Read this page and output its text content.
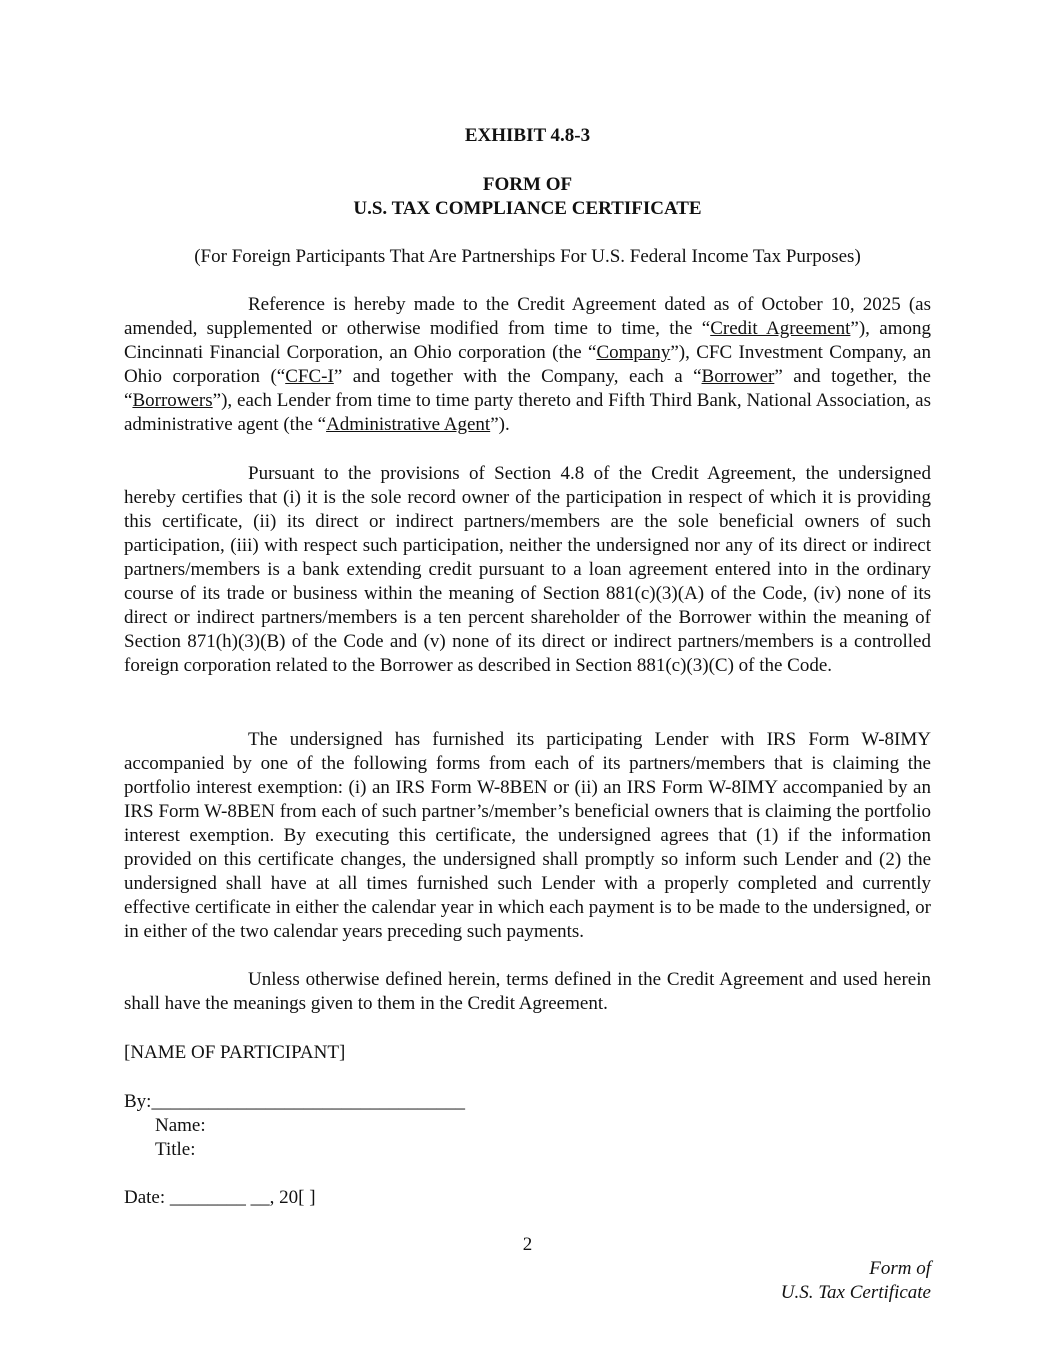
EXHIBIT 4.8-3
FORM OF
U.S. TAX COMPLIANCE CERTIFICATE
(For Foreign Participants That Are Partnerships For U.S. Federal Income Tax Purposes)

Reference is hereby made to the Credit Agreement dated as of October 10, 2025 (as amended, supplemented or otherwise modified from time to time, the “Credit Agreement”), among Cincinnati Financial Corporation, an Ohio corporation (the “Company”), CFC Investment Company, an Ohio corporation (“CFC-I” and together with the Company, each a “Borrower” and together, the “Borrowers”), each Lender from time to time party thereto and Fifth Third Bank, National Association, as administrative agent (the “Administrative Agent”).

Pursuant to the provisions of Section 4.8 of the Credit Agreement, the undersigned hereby certifies that (i) it is the sole record owner of the participation in respect of which it is providing this certificate, (ii) its direct or indirect partners/members are the sole beneficial owners of such participation, (iii) with respect such participation, neither the undersigned nor any of its direct or indirect partners/members is a bank extending credit pursuant to a loan agreement entered into in the ordinary course of its trade or business within the meaning of Section 881(c)(3)(A) of the Code, (iv) none of its direct or indirect partners/members is a ten percent shareholder of the Borrower within the meaning of Section 871(h)(3)(B) of the Code and (v) none of its direct or indirect partners/members is a controlled foreign corporation related to the Borrower as described in Section 881(c)(3)(C) of the Code.

The undersigned has furnished its participating Lender with IRS Form W-8IMY accompanied by one of the following forms from each of its partners/members that is claiming the portfolio interest exemption: (i) an IRS Form W-8BEN or (ii) an IRS Form W-8IMY accompanied by an IRS Form W-8BEN from each of such partner’s/member’s beneficial owners that is claiming the portfolio interest exemption. By executing this certificate, the undersigned agrees that (1) if the information provided on this certificate changes, the undersigned shall promptly so inform such Lender and (2) the undersigned shall have at all times furnished such Lender with a properly completed and currently effective certificate in either the calendar year in which each payment is to be made to the undersigned, or in either of the two calendar years preceding such payments.

Unless otherwise defined herein, terms defined in the Credit Agreement and used herein shall have the meanings given to them in the Credit Agreement.

[NAME OF PARTICIPANT]
By:_________________________________
Name:
Title:
Date: ________ __, 20[ ]
2
Form of
U.S. Tax Certificate
